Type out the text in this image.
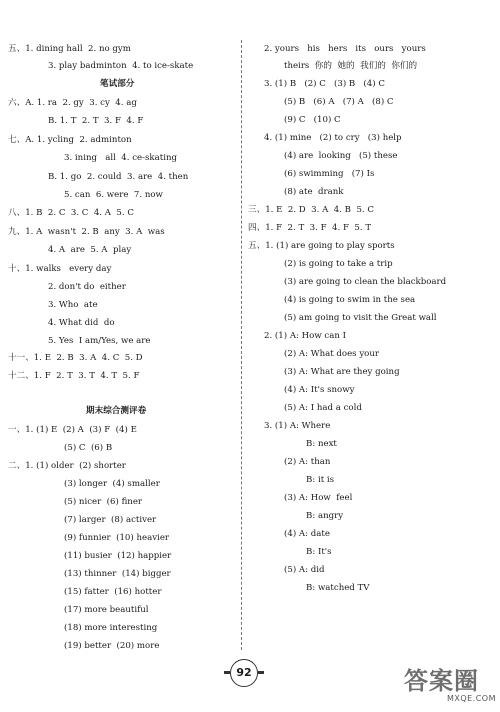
五、1. dining hall  2. no gym
3. play badminton  4. to ice-skate
笔试部分
六、A. 1. ra  2. gy  3. cy  4. ag
B. 1. T  2. T  3. F  4. F
七、A. 1. ycling  2. adminton
3. ining   all  4. ce-skating
B. 1. go  2. could  3. are  4. then
5. can  6. were  7. now
八、1. B  2. C  3. C  4. A  5. C
九、1. A  wasn't  2. B  any  3. A  was
4. A  are  5. A  play
十、1. walks   every day
2. don't do  either
3. Who  ate
4. What did  do
5. Yes  I am/Yes, we are
十一、1. E  2. B  3. A  4. C  5. D
十二、1. F  2. T  3. T  4. T  5. F
期末综合测评卷
一、1. (1) E  (2) A  (3) F  (4) E
(5) C  (6) B
二、1. (1) older  (2) shorter
(3) longer  (4) smaller
(5) nicer  (6) finer
(7) larger  (8) activer
(9) funnier  (10) heavier
(11) busier  (12) happier
(13) thinner  (14) bigger
(15) fatter  (16) hotter
(17) more beautiful
(18) more interesting
(19) better  (20) more
2. yours   his   hers   its   ours   yours
theirs  你的  她的  我们的  你们的
3. (1) B   (2) C   (3) B   (4) C
(5) B   (6) A   (7) A   (8) C
(9) C   (10) C
4. (1) mine   (2) to cry   (3) help
(4) are  looking   (5) these
(6) swimming   (7) Is
(8) ate  drank
三、1. E  2. D  3. A  4. B  5. C
四、1. F  2. T  3. F  4. F  5. T
五、1. (1) are going to play sports
(2) is going to take a trip
(3) are going to clean the blackboard
(4) is going to swim in the sea
(5) am going to visit the Great wall
2. (1) A: How can I
(2) A: What does your
(3) A: What are they going
(4) A: It's snowy
(5) A: I had a cold
3. (1) A: Where
B: next
(2) A: than
B: it is
(3) A: How  feel
B: angry
(4) A: date
B: It's
(5) A: did
B: watched TV
92	答案圈
MXQE.COM
